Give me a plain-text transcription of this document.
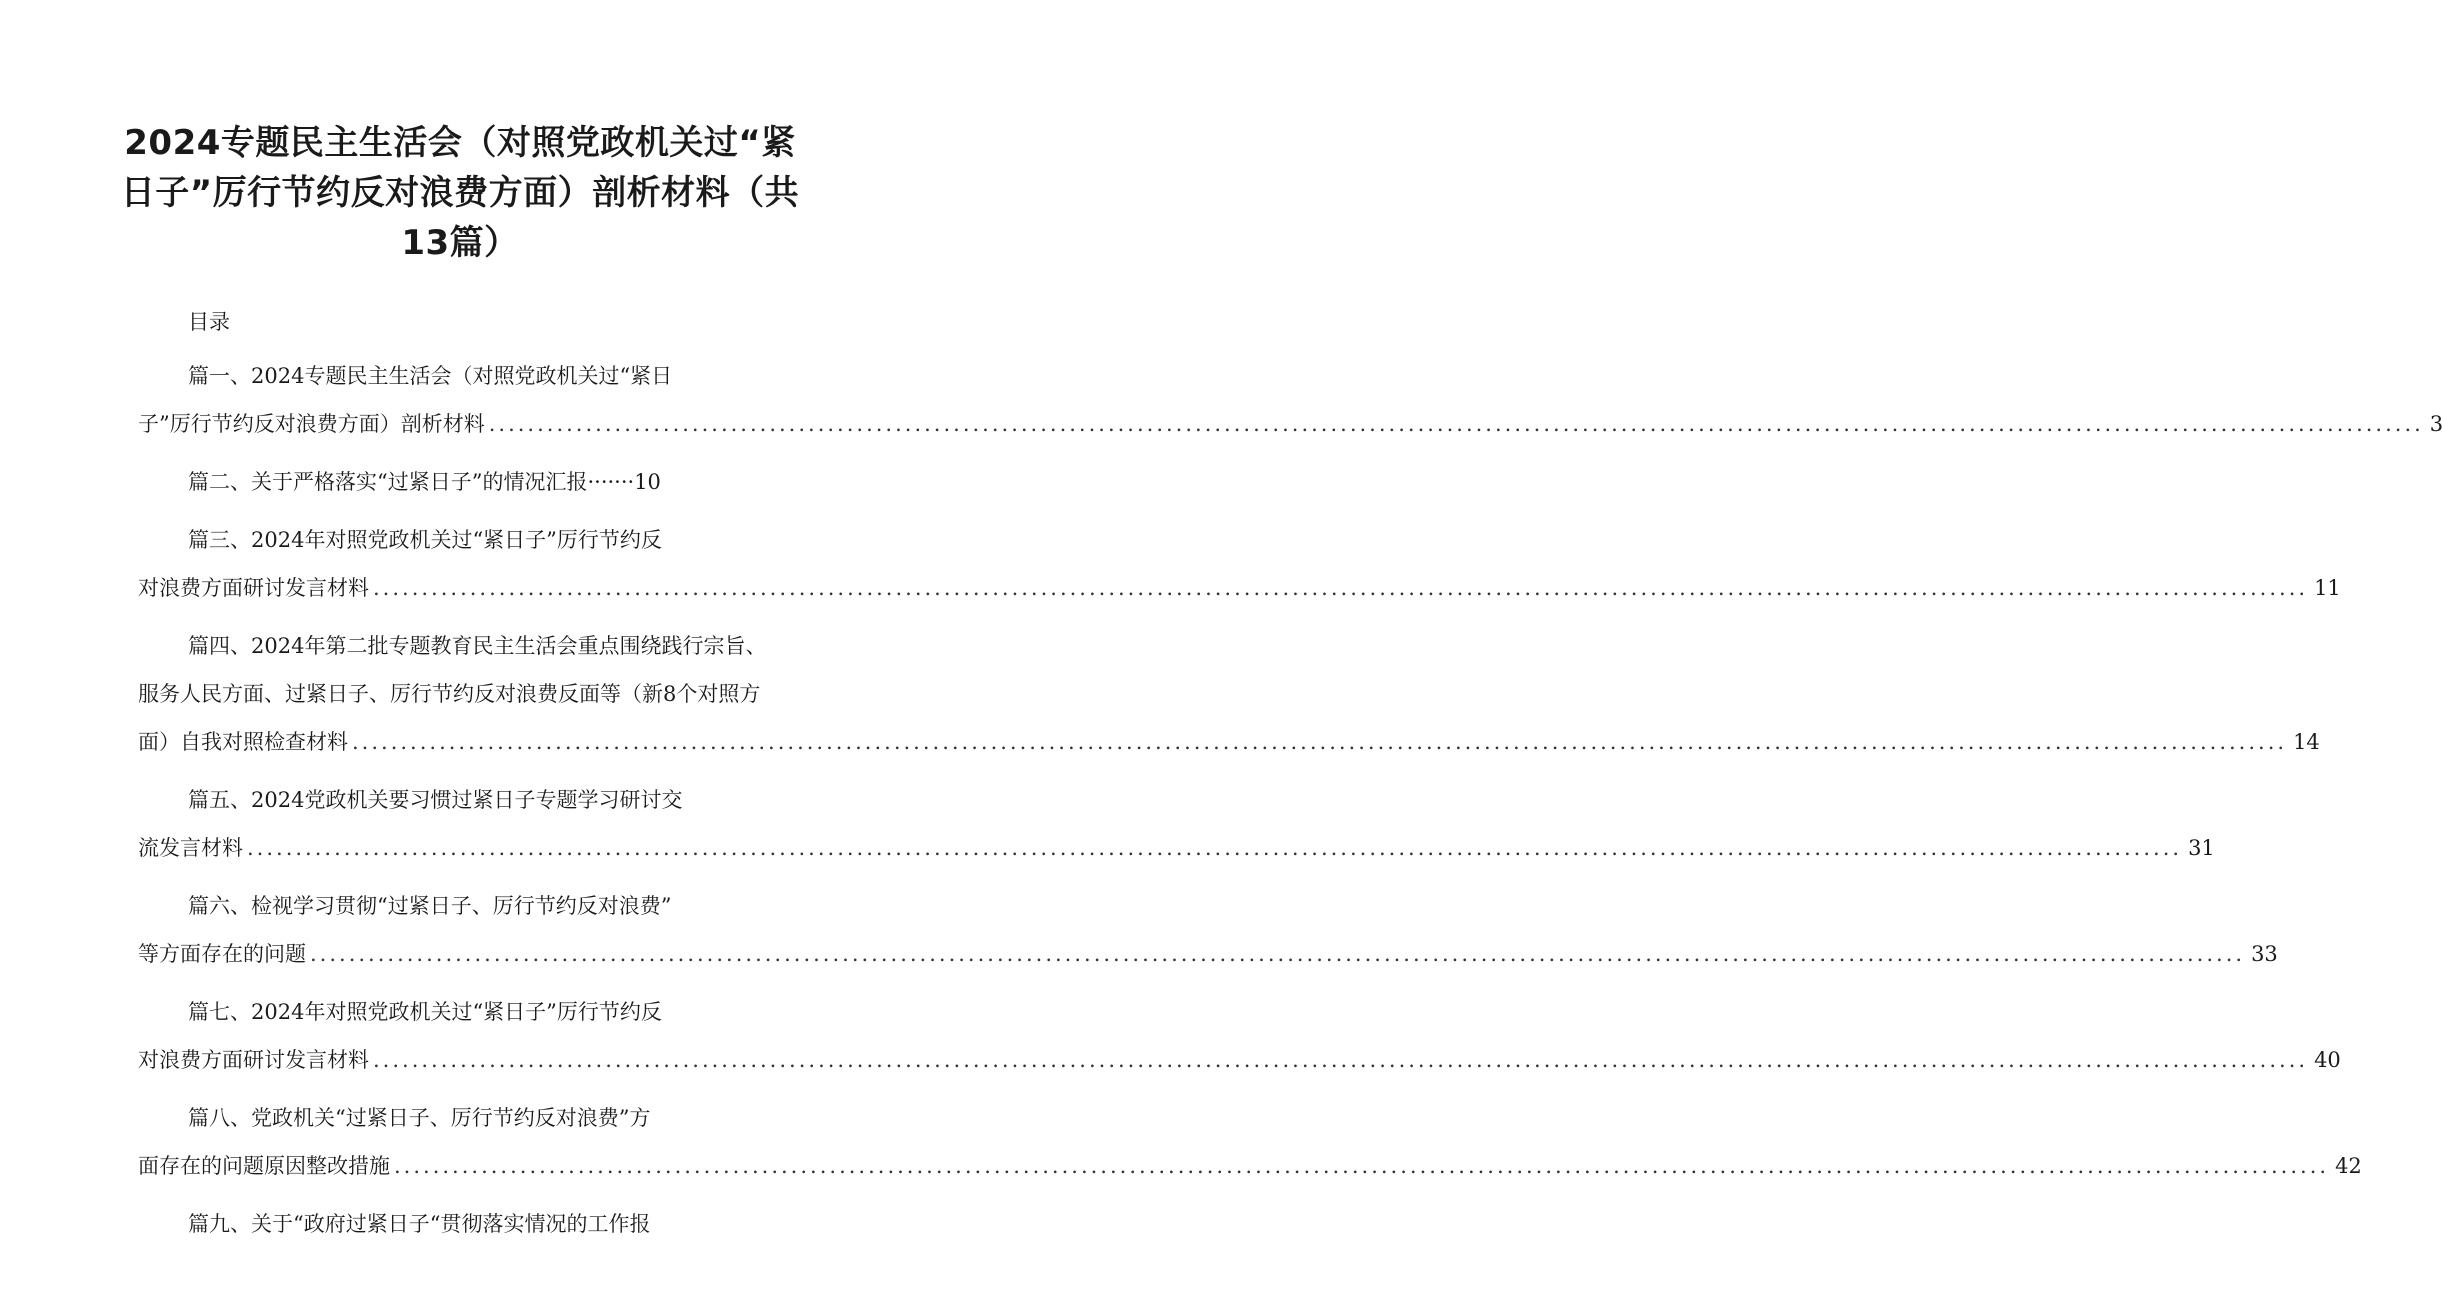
2024专题民主生活会（对照党政机关过“紧
日子”厉行节约反对浪费方面）剖析材料（共
13篇）
目录
篇一、2024专题民主生活会（对照党政机关过“紧日
子”厉行节约反对浪费方面）剖析材料 ........................................................................................................................................................................................................ 3
篇二、关于严格落实“过紧日子”的情况汇报·······10
篇三、2024年对照党政机关过“紧日子”厉行节约反
对浪费方面研讨发言材料 ........................................................................................................................................................................................................ 11
篇四、2024年第二批专题教育民主生活会重点围绕践行宗旨、
服务人民方面、过紧日子、厉行节约反对浪费反面等（新8个对照方
面）自我对照检查材料 ........................................................................................................................................................................................................ 14
篇五、2024党政机关要习惯过紧日子专题学习研讨交
流发言材料 ........................................................................................................................................................................................................ 31
篇六、检视学习贯彻“过紧日子、厉行节约反对浪费”
等方面存在的问题 ........................................................................................................................................................................................................ 33
篇七、2024年对照党政机关过“紧日子”厉行节约反
对浪费方面研讨发言材料 ........................................................................................................................................................................................................ 40
篇八、党政机关“过紧日子、厉行节约反对浪费”方
面存在的问题原因整改措施 ........................................................................................................................................................................................................ 42
篇九、关于“政府过紧日子“贯彻落实情况的工作报
